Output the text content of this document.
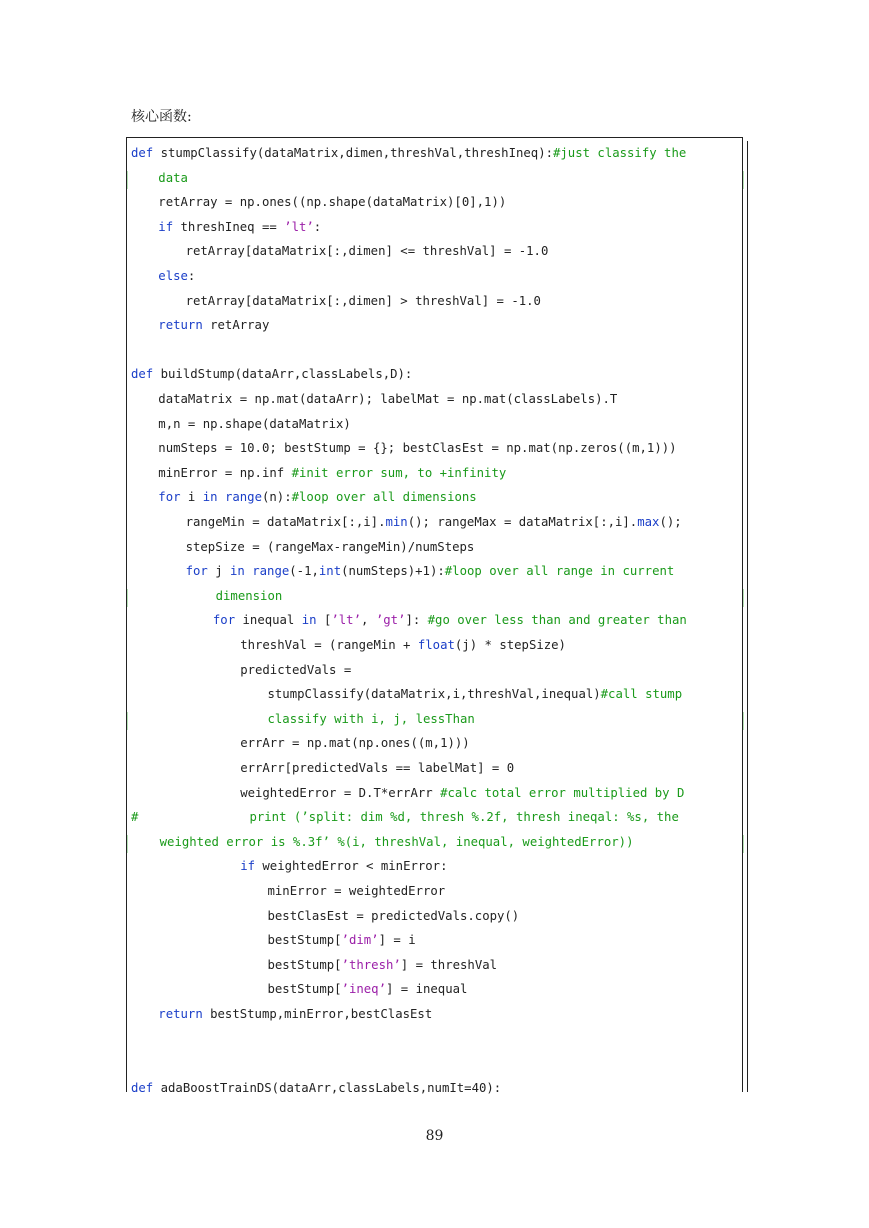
核心函数:
def stumpClassify(dataMatrix,dimen,threshVal,threshIneq):#just classify the
data
retArray = np.ones((np.shape(dataMatrix)[0],1))
if threshIneq == ’lt’:
retArray[dataMatrix[:,dimen] <= threshVal] = -1.0
else:
retArray[dataMatrix[:,dimen] > threshVal] = -1.0
return retArray
def buildStump(dataArr,classLabels,D):
dataMatrix = np.mat(dataArr); labelMat = np.mat(classLabels).T
m,n = np.shape(dataMatrix)
numSteps = 10.0; bestStump = {}; bestClasEst = np.mat(np.zeros((m,1)))
minError = np.inf #init error sum, to +infinity
for i in range(n):#loop over all dimensions
rangeMin = dataMatrix[:,i].min(); rangeMax = dataMatrix[:,i].max();
stepSize = (rangeMax-rangeMin)/numSteps
for j in range(-1,int(numSteps)+1):#loop over all range in current
dimension
for inequal in [’lt’, ’gt’]: #go over less than and greater than
threshVal = (rangeMin + float(j) * stepSize)
predictedVals =
stumpClassify(dataMatrix,i,threshVal,inequal)#call stump
classify with i, j, lessThan
errArr = np.mat(np.ones((m,1)))
errArr[predictedVals == labelMat] = 0
weightedError = D.T*errArr #calc total error multiplied by D
#               print (’split: dim %d, thresh %.2f, thresh ineqal: %s, the
weighted error is %.3f’ %(i, threshVal, inequal, weightedError))
if weightedError < minError:
minError = weightedError
bestClasEst = predictedVals.copy()
bestStump[’dim’] = i
bestStump[’thresh’] = threshVal
bestStump[’ineq’] = inequal
return bestStump,minError,bestClasEst
def adaBoostTrainDS(dataArr,classLabels,numIt=40):
89
